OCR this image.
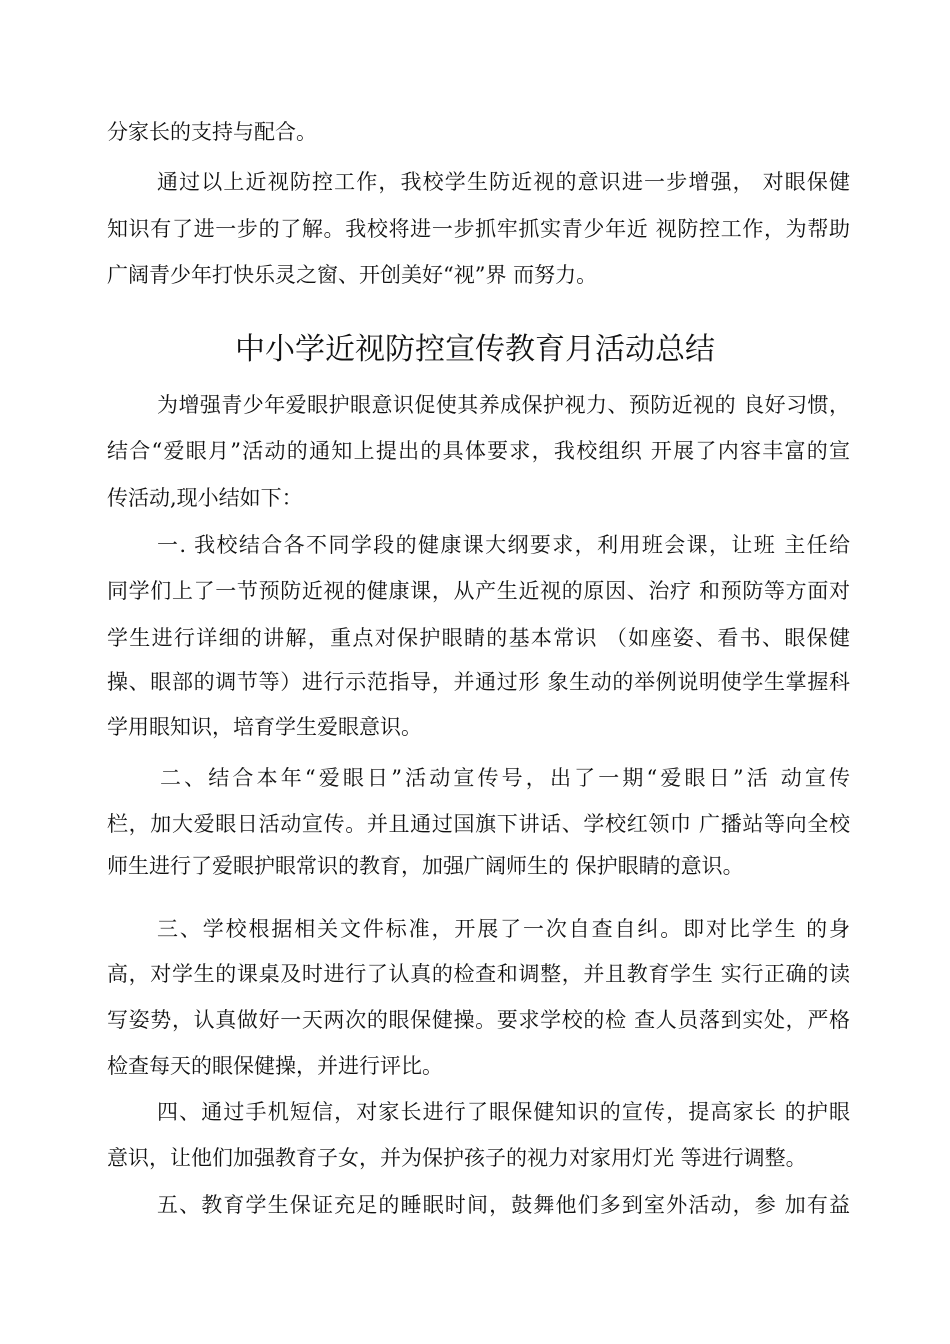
分家长的支持与配合。
通过以上近视防控工作，我校学生防近视的意识进一步增强， 对眼保健
知识有了进一步的了解。我校将进一步抓牢抓实青少年近 视防控工作，为帮助
广阔青少年打快乐灵之窗、开创美好“视”界 而努力。
中小学近视防控宣传教育月活动总结
为增强青少年爱眼护眼意识促使其养成保护视力、预防近视的 良好习惯，
结合“爱眼月”活动的通知上提出的具体要求，我校组织 开展了内容丰富的宣
传活动,现小结如下：
一. 我校结合各不同学段的健康课大纲要求，利用班会课，让班 主任给
同学们上了一节预防近视的健康课，从产生近视的原因、治疗 和预防等方面对
学生进行详细的讲解，重点对保护眼睛的基本常识 （如座姿、看书、眼保健
操、眼部的调节等）进行示范指导，并通过形 象生动的举例说明使学生掌握科
学用眼知识，培育学生爱眼意识。
二、结合本年“爱眼日”活动宣传号，出了一期“爱眼日”活 动宣传
栏，加大爱眼日活动宣传。并且通过国旗下讲话、学校红领巾 广播站等向全校
师生进行了爱眼护眼常识的教育，加强广阔师生的 保护眼睛的意识。
三、学校根据相关文件标准，开展了一次自查自纠。即对比学生 的身
高，对学生的课桌及时进行了认真的检查和调整，并且教育学生 实行正确的读
写姿势，认真做好一天两次的眼保健操。要求学校的检 查人员落到实处，严格
检查每天的眼保健操，并进行评比。
四、通过手机短信，对家长进行了眼保健知识的宣传，提高家长 的护眼
意识，让他们加强教育子女，并为保护孩子的视力对家用灯光 等进行调整。
五、教育学生保证充足的睡眠时间，鼓舞他们多到室外活动，参 加有益
